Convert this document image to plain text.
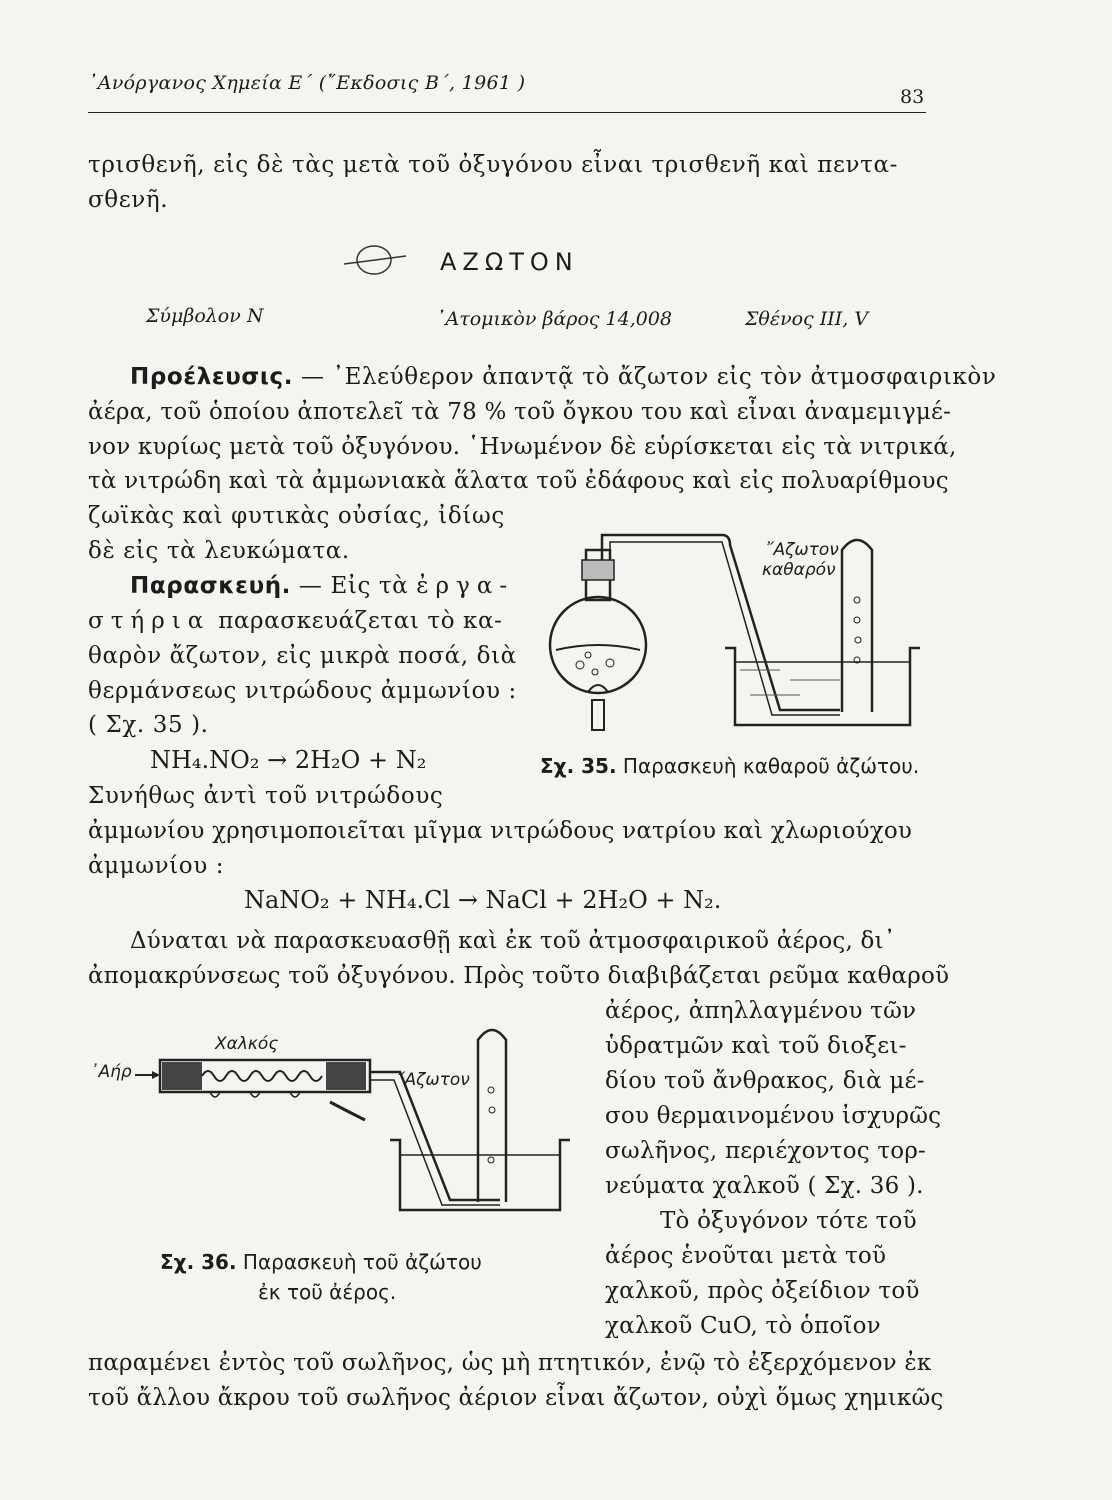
᾿Ανόργανος Χημεία Ε΄ (῎Εκδοσις Β΄, 1961 )
83
τρισθενῆ, εἰς δὲ τὰς μετὰ τοῦ ὀξυγόνου εἶναι τρισθενῆ καὶ πεντα-
σθενῆ.
ΑΖΩΤΟΝ
Σύμβολον N	᾿Ατομικὸν βάρος 14,008	Σθένος III, V
Προέλευσις. — ᾿Ελεύθερον ἀπαντᾷ τὸ ἄζωτον εἰς τὸν ἀτμοσφαιρικὸν
ἀέρα, τοῦ ὁποίου ἀποτελεῖ τὰ 78 % τοῦ ὄγκου του καὶ εἶναι ἀναμεμιγμέ-
νον κυρίως μετὰ τοῦ ὀξυγόνου. ῾Ηνωμένον δὲ εὑρίσκεται εἰς τὰ νιτρικά,
τὰ νιτρώδη καὶ τὰ ἀμμωνιακὰ ἅλατα τοῦ ἐδάφους καὶ εἰς πολυαρίθμους
ζωϊκὰς καὶ φυτικὰς οὐσίας, ἰδίως
δὲ εἰς τὰ λευκώματα.
Παρασκευή. — Εἰς τὰ ἐργα-
στήρια παρασκευάζεται τὸ κα-
θαρὸν ἄζωτον, εἰς μικρὰ ποσά, διὰ
θερμάνσεως νιτρώδους ἀμμωνίου :
( Σχ. 35 ).
NH₄.NO₂ → 2H₂O + N₂
Συνήθως ἀντὶ τοῦ νιτρώδους
ἀμμωνίου χρησιμοποιεῖται μῖγμα νιτρώδους νατρίου καὶ χλωριούχου
ἀμμωνίου :
NaNO₂ + NH₄.Cl → NaCl + 2H₂O + N₂.
Δύναται νὰ παρασκευασθῇ καὶ ἐκ τοῦ ἀτμοσφαιρικοῦ ἀέρος, δι᾿
ἀπομακρύνσεως τοῦ ὀξυγόνου. Πρὸς τοῦτο διαβιβάζεται ρεῦμα καθαροῦ
ἀέρος, ἀπηλλαγμένου τῶν
ὑδρατμῶν καὶ τοῦ διοξει-
δίου τοῦ ἄνθρακος, διὰ μέ-
σου θερμαινομένου ἰσχυρῶς
σωλῆνος, περιέχοντος τορ-
νεύματα χαλκοῦ ( Σχ. 36 ).
Τὸ ὀξυγόνον τότε τοῦ
ἀέρος ἑνοῦται μετὰ τοῦ
χαλκοῦ, πρὸς ὀξείδιον τοῦ
χαλκοῦ CuO, τὸ ὁποῖον
παραμένει ἐντὸς τοῦ σωλῆνος, ὡς μὴ πτητικόν, ἐνῷ τὸ ἐξερχόμενον ἐκ
τοῦ ἄλλου ἄκρου τοῦ σωλῆνος ἀέριον εἶναι ἄζωτον, οὐχὶ ὅμως χημικῶς
῎Αζωτον
καθαρόν
Σχ. 35. Παρασκευὴ καθαροῦ ἀζώτου.
Χαλκός
᾿Αήρ	῎Αζωτον
Σχ. 36. Παρασκευὴ τοῦ ἀζώτου
ἐκ τοῦ ἀέρος.
